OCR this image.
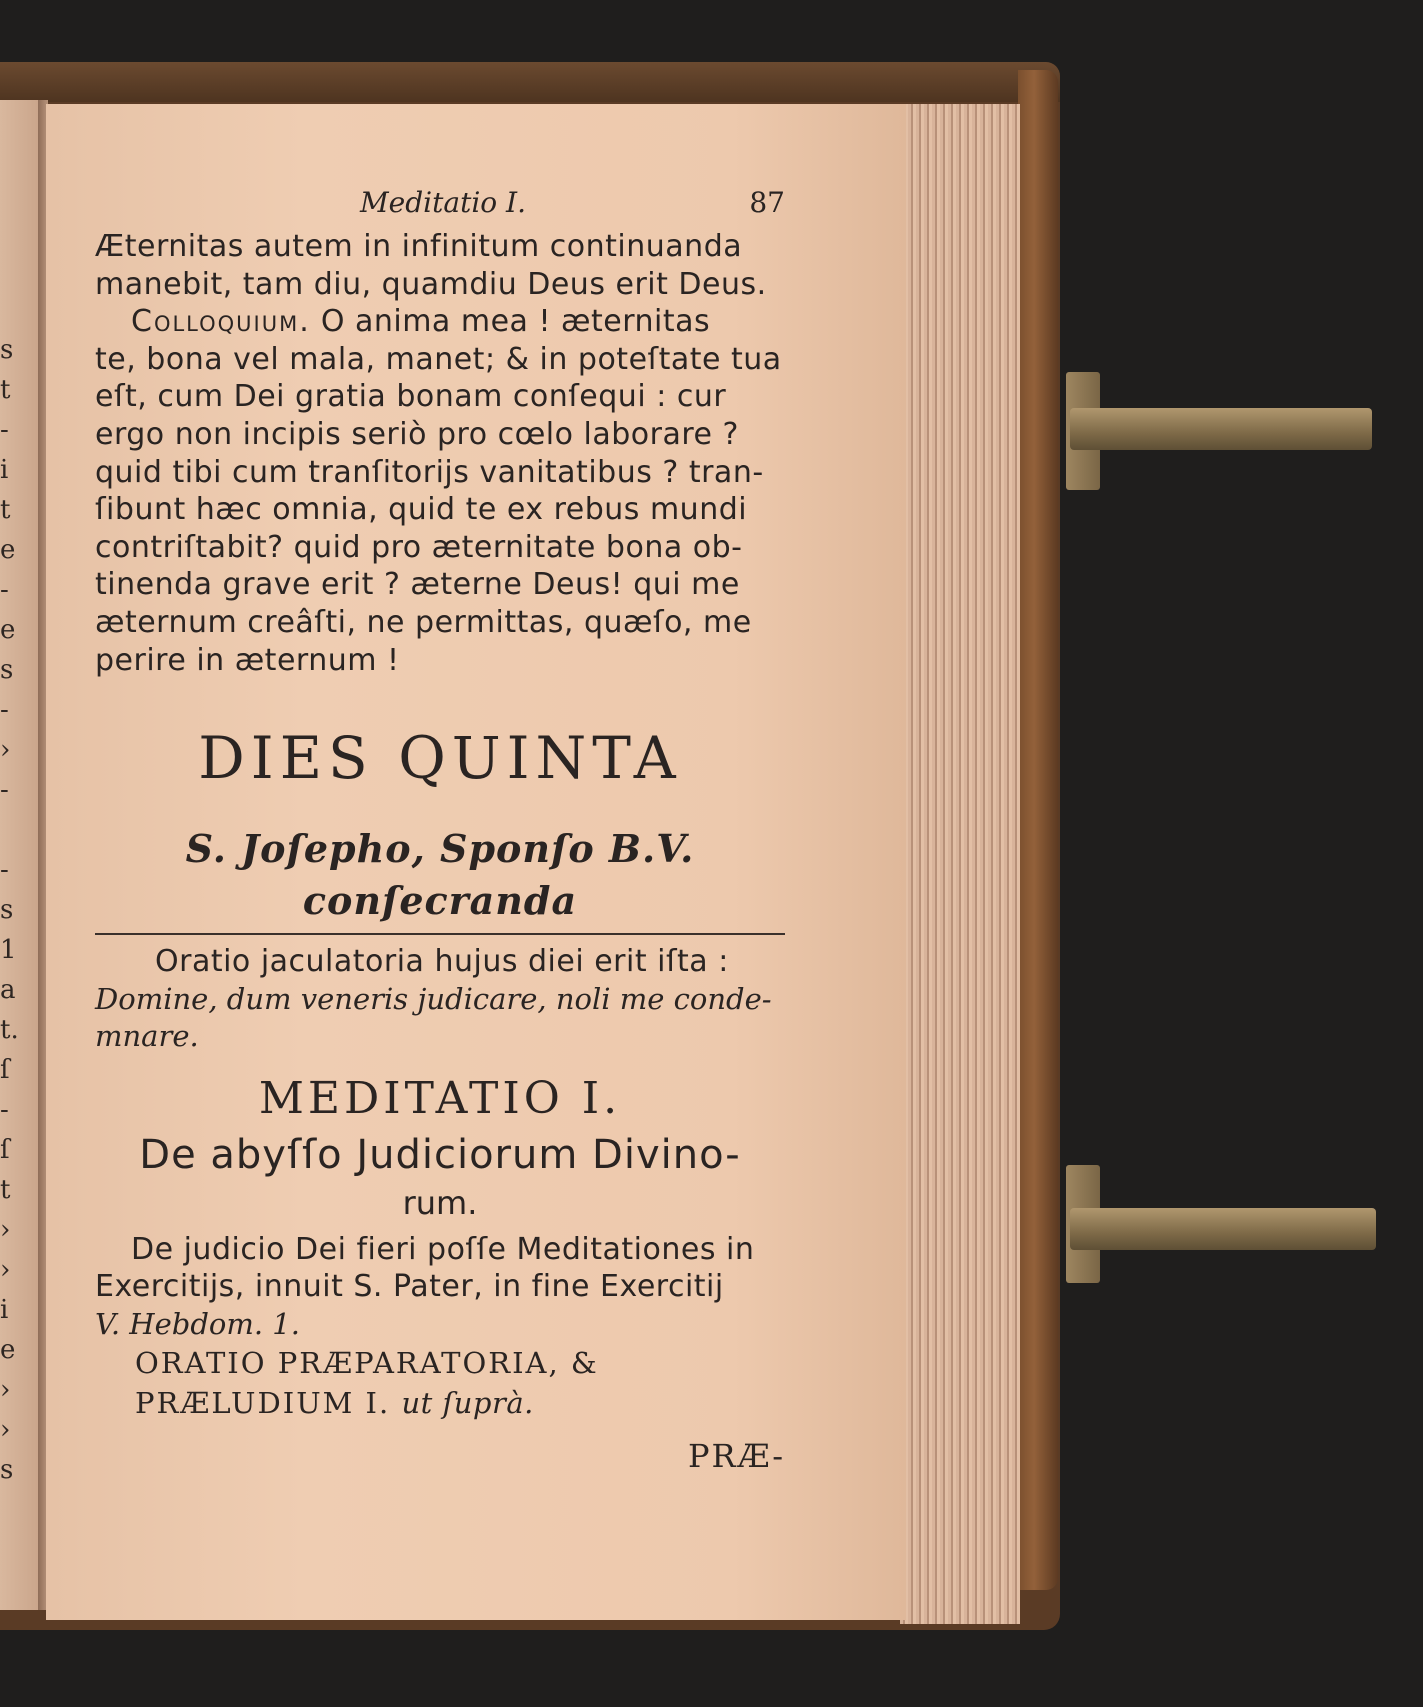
s
t
-
i
t
e
-
e
s
-
›
-

-
s
1
a
t.
ſ
-
ſ
t
›
›
i
e
›
›
s
Meditatio I.	87
Æternitas autem in infinitum continuanda
manebit, tam diu, quamdiu Deus erit Deus.
Colloquium. O anima mea ! æternitas
te, bona vel mala, manet; & in poteſtate tua
eſt, cum Dei gratia bonam conſequi : cur
ergo non incipis seriò pro cœlo laborare ?
quid tibi cum tranſitorijs vanitatibus ? tran-
ſibunt hæc omnia, quid te ex rebus mundi
contriſtabit? quid pro æternitate bona ob-
tinenda grave erit ? æterne Deus! qui me
æternum creâſti, ne permittas, quæſo, me
perire in æternum !
DIES QUINTA
S. Joſepho, Sponſo B.V. conſecranda
Oratio jaculatoria hujus diei erit iſta :
Domine, dum veneris judicare, noli me conde-
mnare.
MEDITATIO I.
De abyſſo Judiciorum Divino-
rum.
De judicio Dei fieri poſſe Meditationes in
Exercitijs, innuit S. Pater, in fine Exercitij
V. Hebdom. 1.
ORATIO PRÆPARATORIA, &
PRÆLUDIUM I. ut ſuprà.
PRÆ-
